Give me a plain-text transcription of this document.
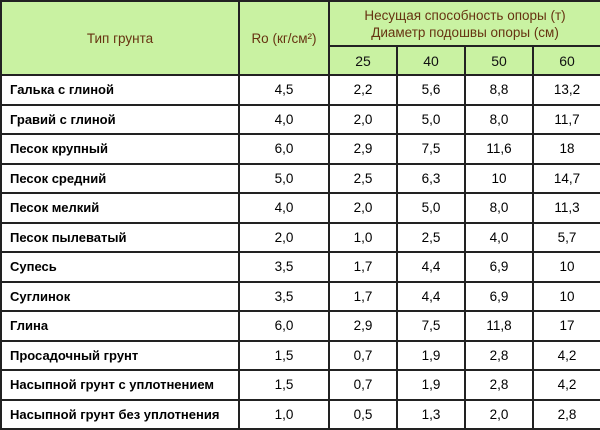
Тип грунта	Ro (кг/см²)	Несущая способность опоры (т)
Диаметр подошвы опоры (см)			

		25	40	50	60
Галька с глиной	4,5	2,2	5,6	8,8	13,2
Гравий с глиной	4,0	2,0	5,0	8,0	11,7
Песок крупный	6,0	2,9	7,5	11,6	18
Песок средний	5,0	2,5	6,3	10	14,7
Песок мелкий	4,0	2,0	5,0	8,0	11,3
Песок пылеватый	2,0	1,0	2,5	4,0	5,7
Супесь	3,5	1,7	4,4	6,9	10
Суглинок	3,5	1,7	4,4	6,9	10
Глина	6,0	2,9	7,5	11,8	17
Просадочный грунт	1,5	0,7	1,9	2,8	4,2
Насыпной грунт с уплотнением	1,5	0,7	1,9	2,8	4,2
Насыпной грунт без уплотнения	1,0	0,5	1,3	2,0	2,8
